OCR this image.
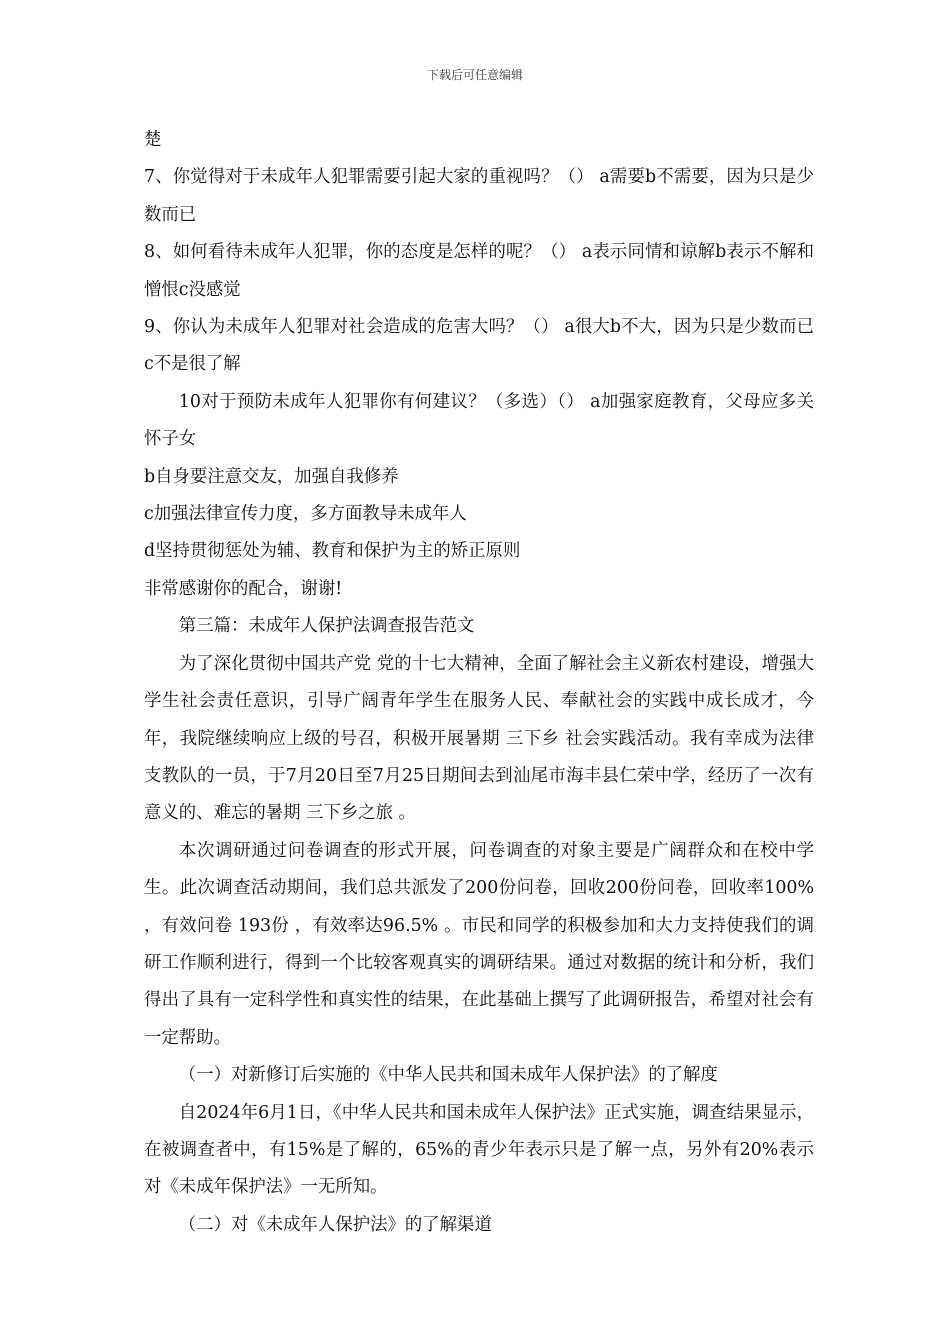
下载后可任意编辑

楚

7、你觉得对于未成年人犯罪需要引起大家的重视吗？（） a需要b不需要，因为只是少数而已

8、如何看待未成年人犯罪，你的态度是怎样的呢？（） a表示同情和谅解b表示不解和憎恨c没感觉

9、你认为未成年人犯罪对社会造成的危害大吗？（） a很大b不大，因为只是少数而已c不是很了解

10对于预防未成年人犯罪你有何建议？（多选）（） a加强家庭教育，父母应多关怀子女

b自身要注意交友，加强自我修养

c加强法律宣传力度，多方面教导未成年人

d坚持贯彻惩处为辅、教育和保护为主的矫正原则

非常感谢你的配合，谢谢!

第三篇：未成年人保护法调查报告范文

为了深化贯彻中国共产党 党的十七大精神，全面了解社会主义新农村建设，增强大学生社会责任意识，引导广阔青年学生在服务人民、奉献社会的实践中成长成才，今年，我院继续响应上级的号召，积极开展暑期 三下乡 社会实践活动。我有幸成为法律支教队的一员，于7月20日至7月25日期间去到汕尾市海丰县仁荣中学，经历了一次有意义的、难忘的暑期 三下乡之旅 。

本次调研通过问卷调查的形式开展，问卷调查的对象主要是广阔群众和在校中学生。此次调查活动期间，我们总共派发了200份问卷，回收200份问卷，回收率100% ，有效问卷 193份 ，有效率达96.5% 。市民和同学的积极参加和大力支持使我们的调研工作顺利进行，得到一个比较客观真实的调研结果。通过对数据的统计和分析，我们得出了具有一定科学性和真实性的结果，在此基础上撰写了此调研报告，希望对社会有一定帮助。

（一）对新修订后实施的《中华人民共和国未成年人保护法》的了解度

自2024年6月1日，《中华人民共和国未成年人保护法》正式实施，调查结果显示，在被调查者中，有15%是了解的，65%的青少年表示只是了解一点，另外有20%表示对《未成年保护法》一无所知。

（二）对《未成年人保护法》的了解渠道
